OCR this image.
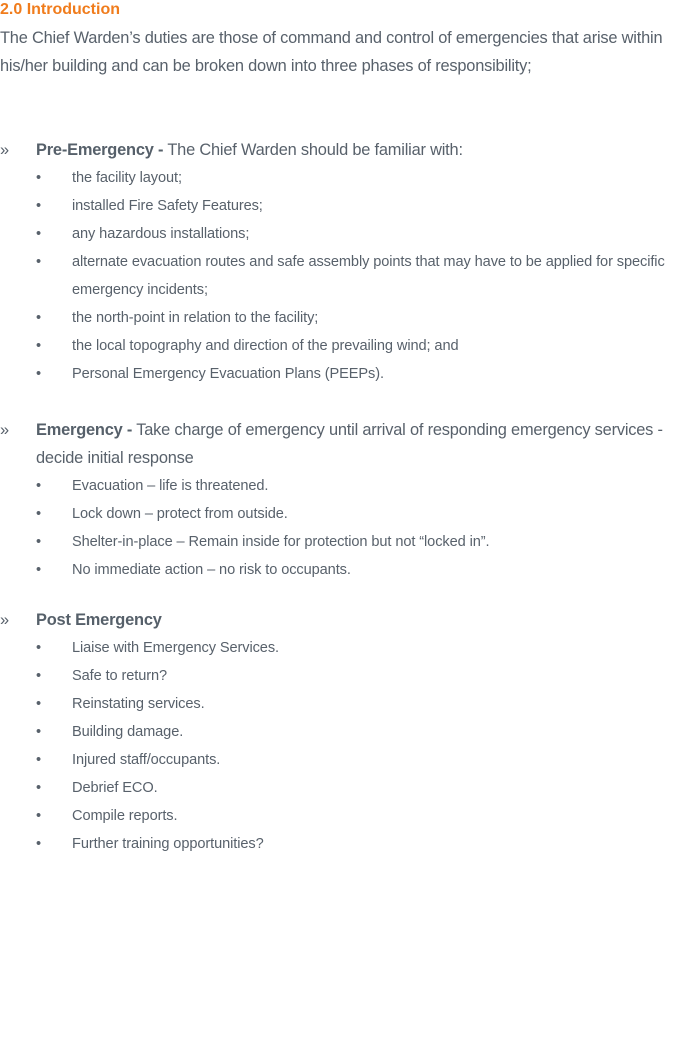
2.0 Introduction
The Chief Warden’s duties are those of command and control of emergencies that arise within his/her building and can be broken down into three phases of responsibility;
» Pre-Emergency - The Chief Warden should be familiar with:
• the facility layout;
• installed Fire Safety Features;
• any hazardous installations;
• alternate evacuation routes and safe assembly points that may have to be applied for specific emergency incidents;
• the north-point in relation to the facility;
• the local topography and direction of the prevailing wind; and
• Personal Emergency Evacuation Plans (PEEPs).
» Emergency - Take charge of emergency until arrival of responding emergency services - decide initial response
• Evacuation – life is threatened.
• Lock down – protect from outside.
• Shelter-in-place – Remain inside for protection but not “locked in”.
• No immediate action – no risk to occupants.
» Post Emergency
• Liaise with Emergency Services.
• Safe to return?
• Reinstating services.
• Building damage.
• Injured staff/occupants.
• Debrief ECO.
• Compile reports.
• Further training opportunities?
